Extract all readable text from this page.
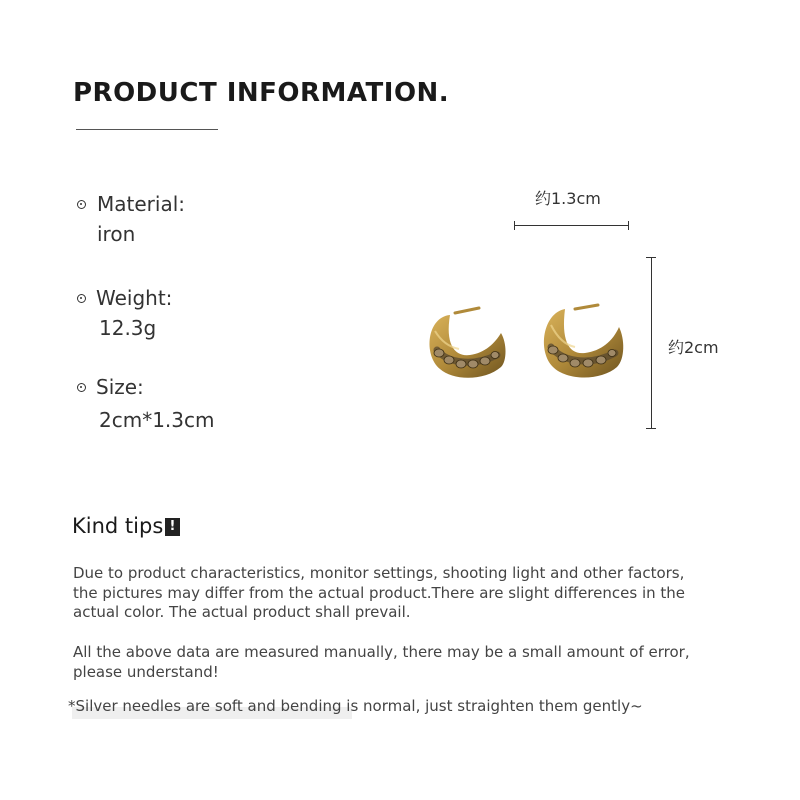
PRODUCT INFORMATION.
Material:
iron
Weight:
12.3g
Size:
2cm*1.3cm
约1.3cm
约2cm
Kind tips !
Due to product characteristics, monitor settings, shooting light and other factors, the pictures may differ from the actual product.There are slight differences in the actual color. The actual product shall prevail.
All the above data are measured manually, there may be a small amount of error, please understand!
*Silver needles are soft and bending is normal, just straighten them gently~
